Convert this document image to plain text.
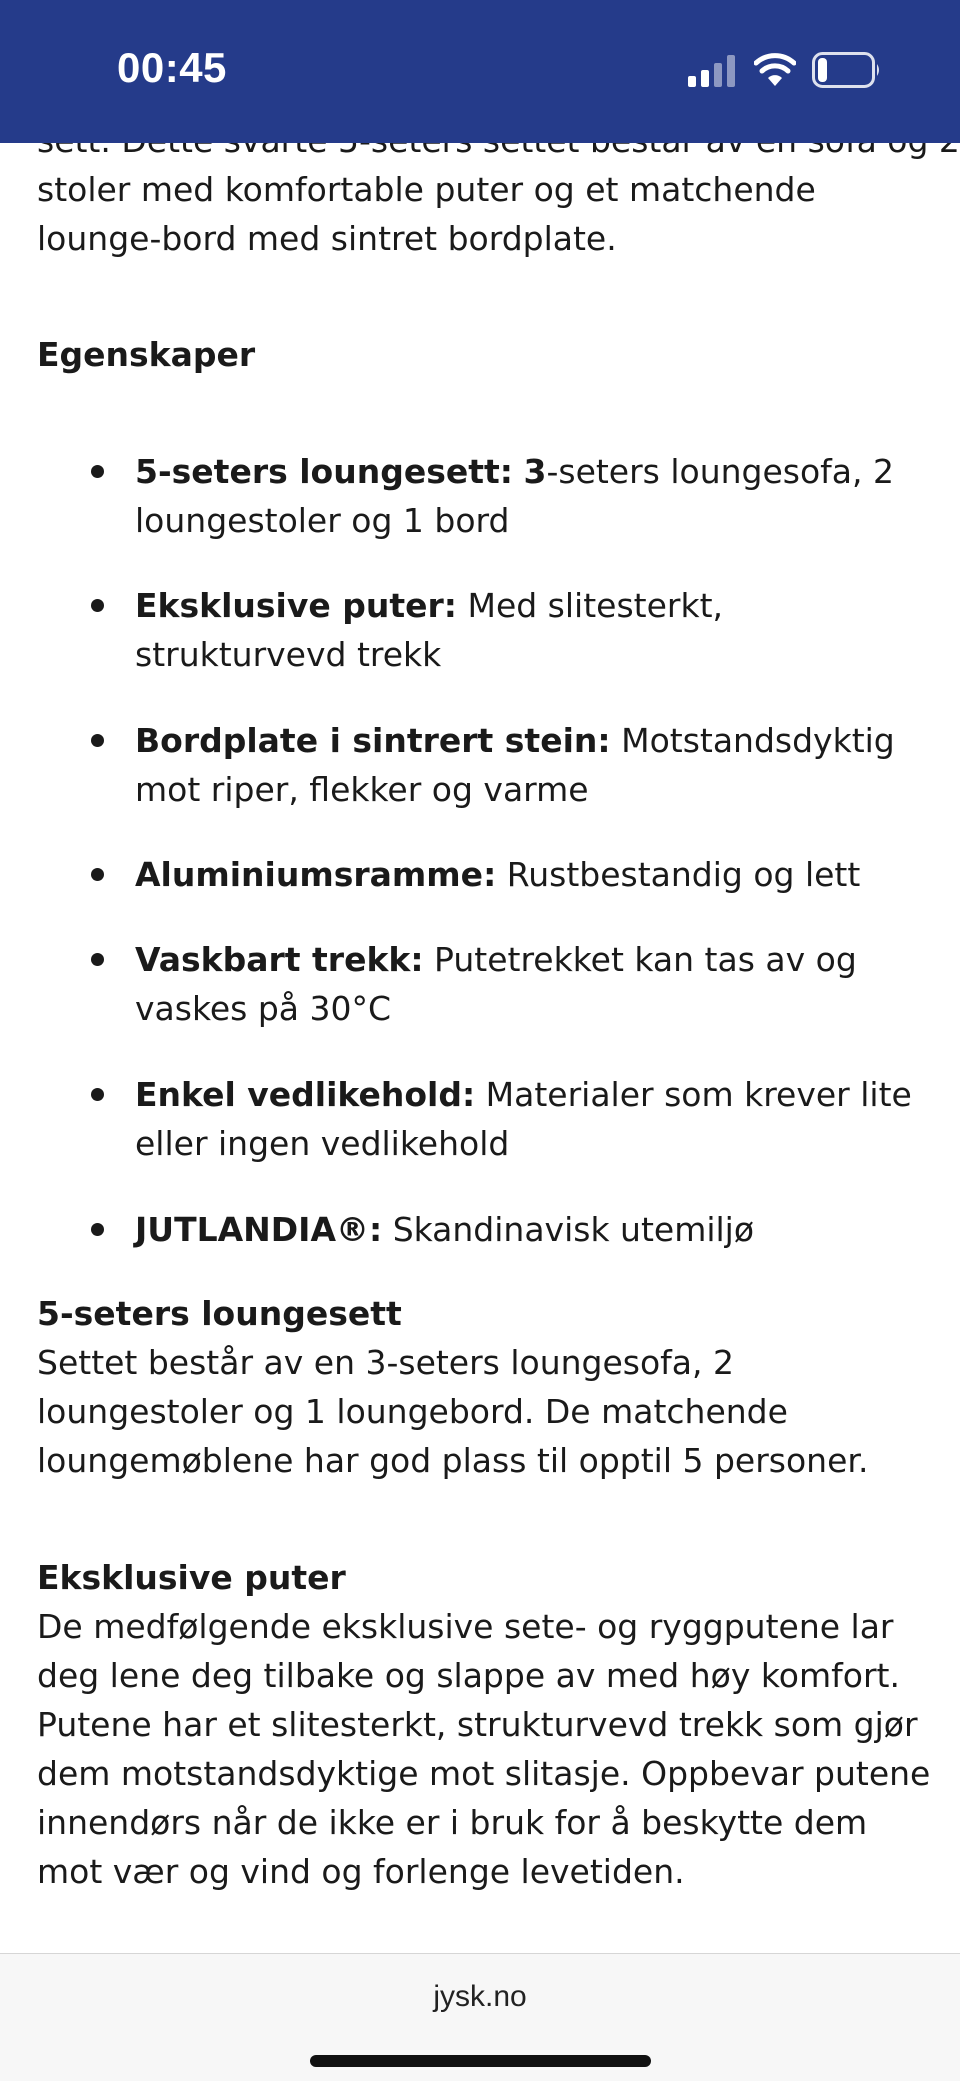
00:45

stoler med komfortable puter og et matchende lounge-bord med sintret bordplate.

Egenskaper
5-seters loungesett: 3-seters loungesofa, 2 loungestoler og 1 bord
Eksklusive puter: Med slitesterkt, strukturvevd trekk
Bordplate i sintrert stein: Motstandsdyktig mot riper, flekker og varme
Aluminiumsramme: Rustbestandig og lett
Vaskbart trekk: Putetrekket kan tas av og vaskes på 30°C
Enkel vedlikehold: Materialer som krever lite eller ingen vedlikehold
JUTLANDIA®: Skandinavisk utemiljø
5-seters loungesett

Settet består av en 3-seters loungesofa, 2 loungestoler og 1 loungebord. De matchende loungemøblene har god plass til opptil 5 personer.

Eksklusive puter

De medfølgende eksklusive sete- og ryggputene lar deg lene deg tilbake og slappe av med høy komfort. Putene har et slitesterkt, strukturvevd trekk som gjør dem motstandsdyktige mot slitasje. Oppbevar putene innendørs når de ikke er i bruk for å beskytte dem mot vær og vind og forlenge levetiden.

jysk.no
